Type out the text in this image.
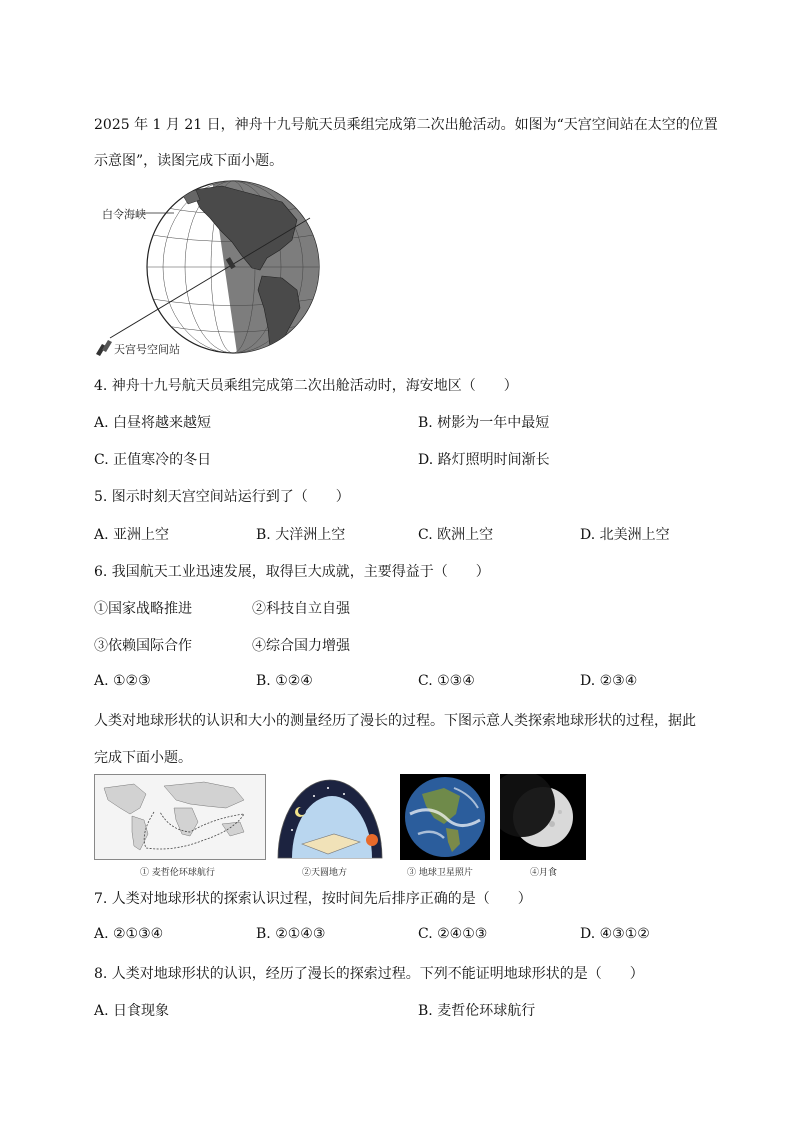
2025 年 1 月 21 日，神舟十九号航天员乘组完成第二次出舱活动。如图为“天宫空间站在太空的位置
示意图”，读图完成下面小题。
白令海峡
天宫号空间站
4. 神舟十九号航天员乘组完成第二次出舱活动时，海安地区（　　）
A. 白昼将越来越短	B. 树影为一年中最短
C. 正值寒冷的冬日	D. 路灯照明时间渐长
5. 图示时刻天宫空间站运行到了（　　）
A. 亚洲上空	B. 大洋洲上空	C. 欧洲上空	D. 北美洲上空
6. 我国航天工业迅速发展，取得巨大成就，主要得益于（　　）
①国家战略推进	②科技自立自强
③依赖国际合作	④综合国力增强
A. ①②③	B. ①②④	C. ①③④	D. ②③④
人类对地球形状的认识和大小的测量经历了漫长的过程。下图示意人类探索地球形状的过程，据此
完成下面小题。
① 麦哲伦环球航行	②天圆地方	③ 地球卫星照片	④月食
7. 人类对地球形状的探索认识过程，按时间先后排序正确的是（　　）
A. ②①③④	B. ②①④③	C. ②④①③	D. ④③①②
8. 人类对地球形状的认识，经历了漫长的探索过程。下列不能证明地球形状的是（　　）
A. 日食现象	B. 麦哲伦环球航行
